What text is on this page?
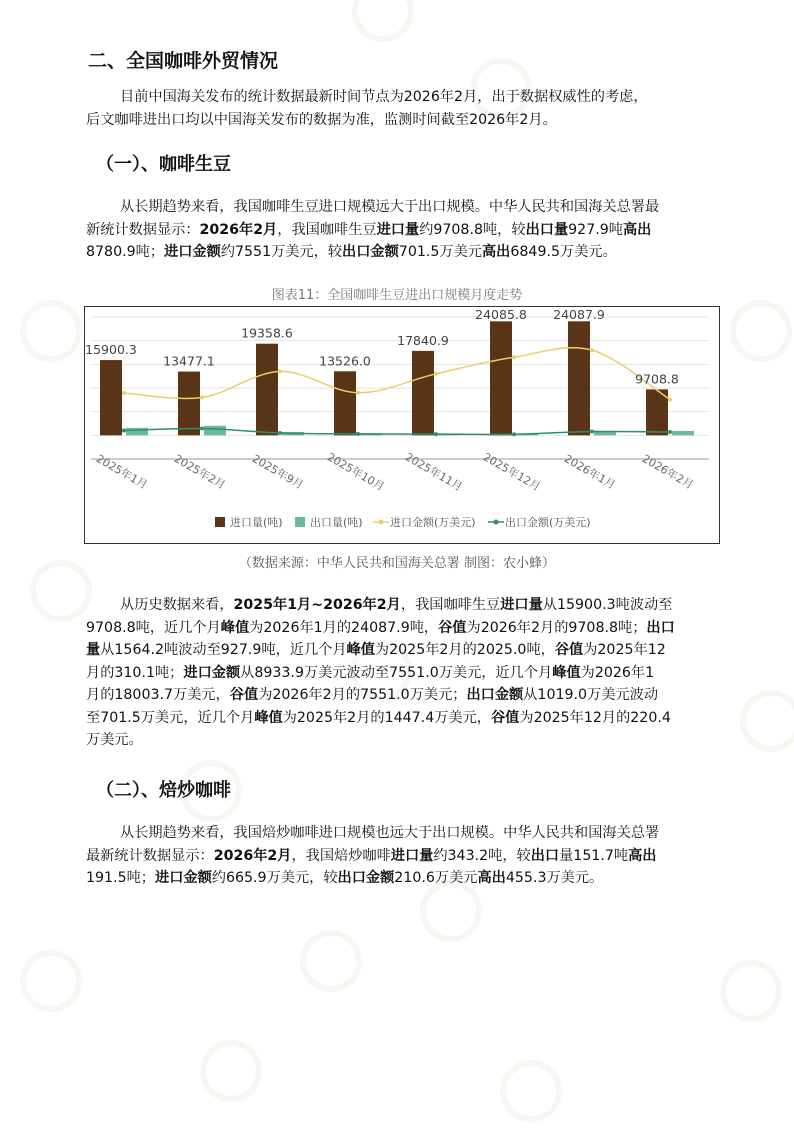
二、全国咖啡外贸情况
目前中国海关发布的统计数据最新时间节点为2026年2月，出于数据权威性的考虑，
后文咖啡进出口均以中国海关发布的数据为准，监测时间截至2026年2月。
（一）、咖啡生豆
从长期趋势来看，我国咖啡生豆进口规模远大于出口规模。中华人民共和国海关总署最
新统计数据显示：2026年2月，我国咖啡生豆进口量约9708.8吨，较出口量927.9吨高出
8780.9吨；进口金额约7551万美元，较出口金额701.5万美元高出6849.5万美元。
图表11：全国咖啡生豆进出口规模月度走势
15900.3
13477.1
19358.6
13526.0
17840.9
24085.8 24087.9
9708.8
2025年1月 2025年2月 2025年9月 2025年10月 2025年11月 2025年12月 2026年1月 2026年2月
进口量(吨) 出口量(吨) 进口金额(万美元)	出口金额(万美元)
（数据来源：中华人民共和国海关总署 制图：农小蜂）
从历史数据来看，2025年1月~2026年2月，我国咖啡生豆进口量从15900.3吨波动至
9708.8吨，近几个月峰值为2026年1月的24087.9吨，谷值为2026年2月的9708.8吨；出口
量从1564.2吨波动至927.9吨，近几个月峰值为2025年2月的2025.0吨，谷值为2025年12
月的310.1吨；进口金额从8933.9万美元波动至7551.0万美元，近几个月峰值为2026年1
月的18003.7万美元，谷值为2026年2月的7551.0万美元；出口金额从1019.0万美元波动
至701.5万美元，近几个月峰值为2025年2月的1447.4万美元，谷值为2025年12月的220.4
万美元。
（二）、焙炒咖啡
从长期趋势来看，我国焙炒咖啡进口规模也远大于出口规模。中华人民共和国海关总署
最新统计数据显示：2026年2月，我国焙炒咖啡进口量约343.2吨，较出口量151.7吨高出
191.5吨；进口金额约665.9万美元，较出口金额210.6万美元高出455.3万美元。
